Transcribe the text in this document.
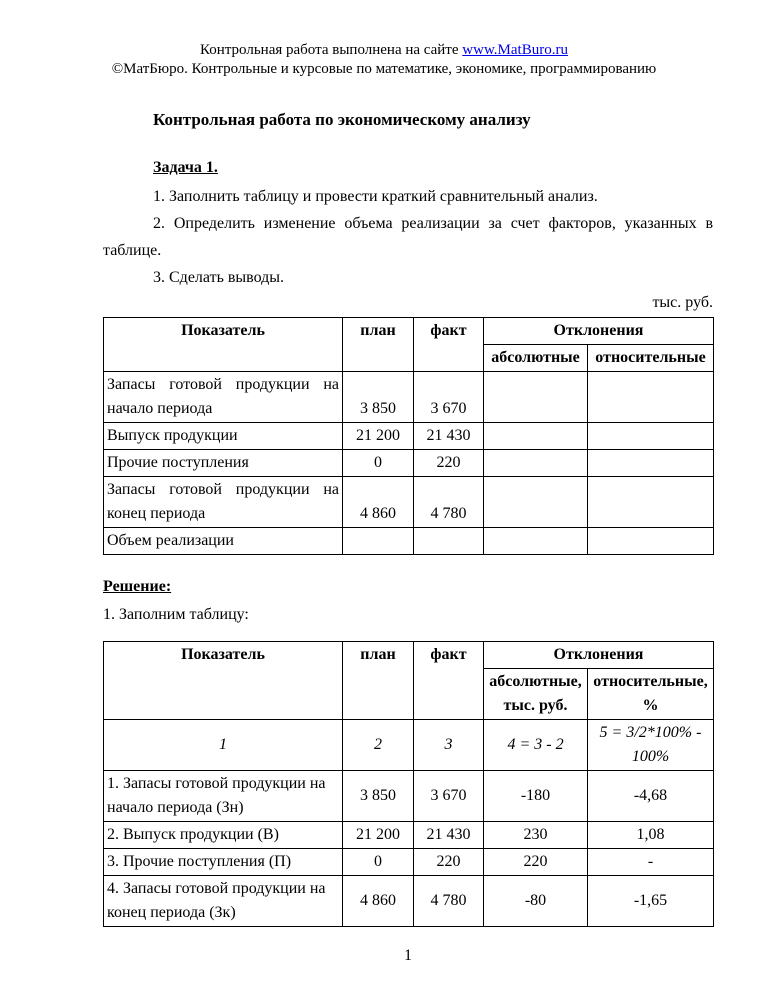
Контрольная работа выполнена на сайте www.MatBuro.ru
©МатБюро. Контрольные и курсовые по математике, экономике, программированию

Контрольная работа по экономическому анализу

Задача 1.

1. Заполнить таблицу и провести краткий сравнительный анализ.

2. Определить изменение объема реализации за счет факторов, указанных в таблице.

3. Сделать выводы.

тыс. руб.

Показатель	план	факт	Отклонения	
			абсолютные	относительные
Запасы готовой продукции на начало периода	3 850	3 670		
Выпуск продукции	21 200	21 430		
Прочие поступления	0	220		
Запасы готовой продукции на конец периода	4 860	4 780		
Объем реализации				

Решение:

1. Заполним таблицу:

Показатель	план	факт	Отклонения	
			абсолютные, тыс. руб.	относительные, %
1	2	3	4 = 3 - 2	5 = 3/2*100% - 100%
1. Запасы готовой продукции на начало периода (Зн)	3 850	3 670	-180	-4,68
2. Выпуск продукции (В)	21 200	21 430	230	1,08
3. Прочие поступления (П)	0	220	220	-
4. Запасы готовой продукции на конец периода (Зк)	4 860	4 780	-80	-1,65
1
